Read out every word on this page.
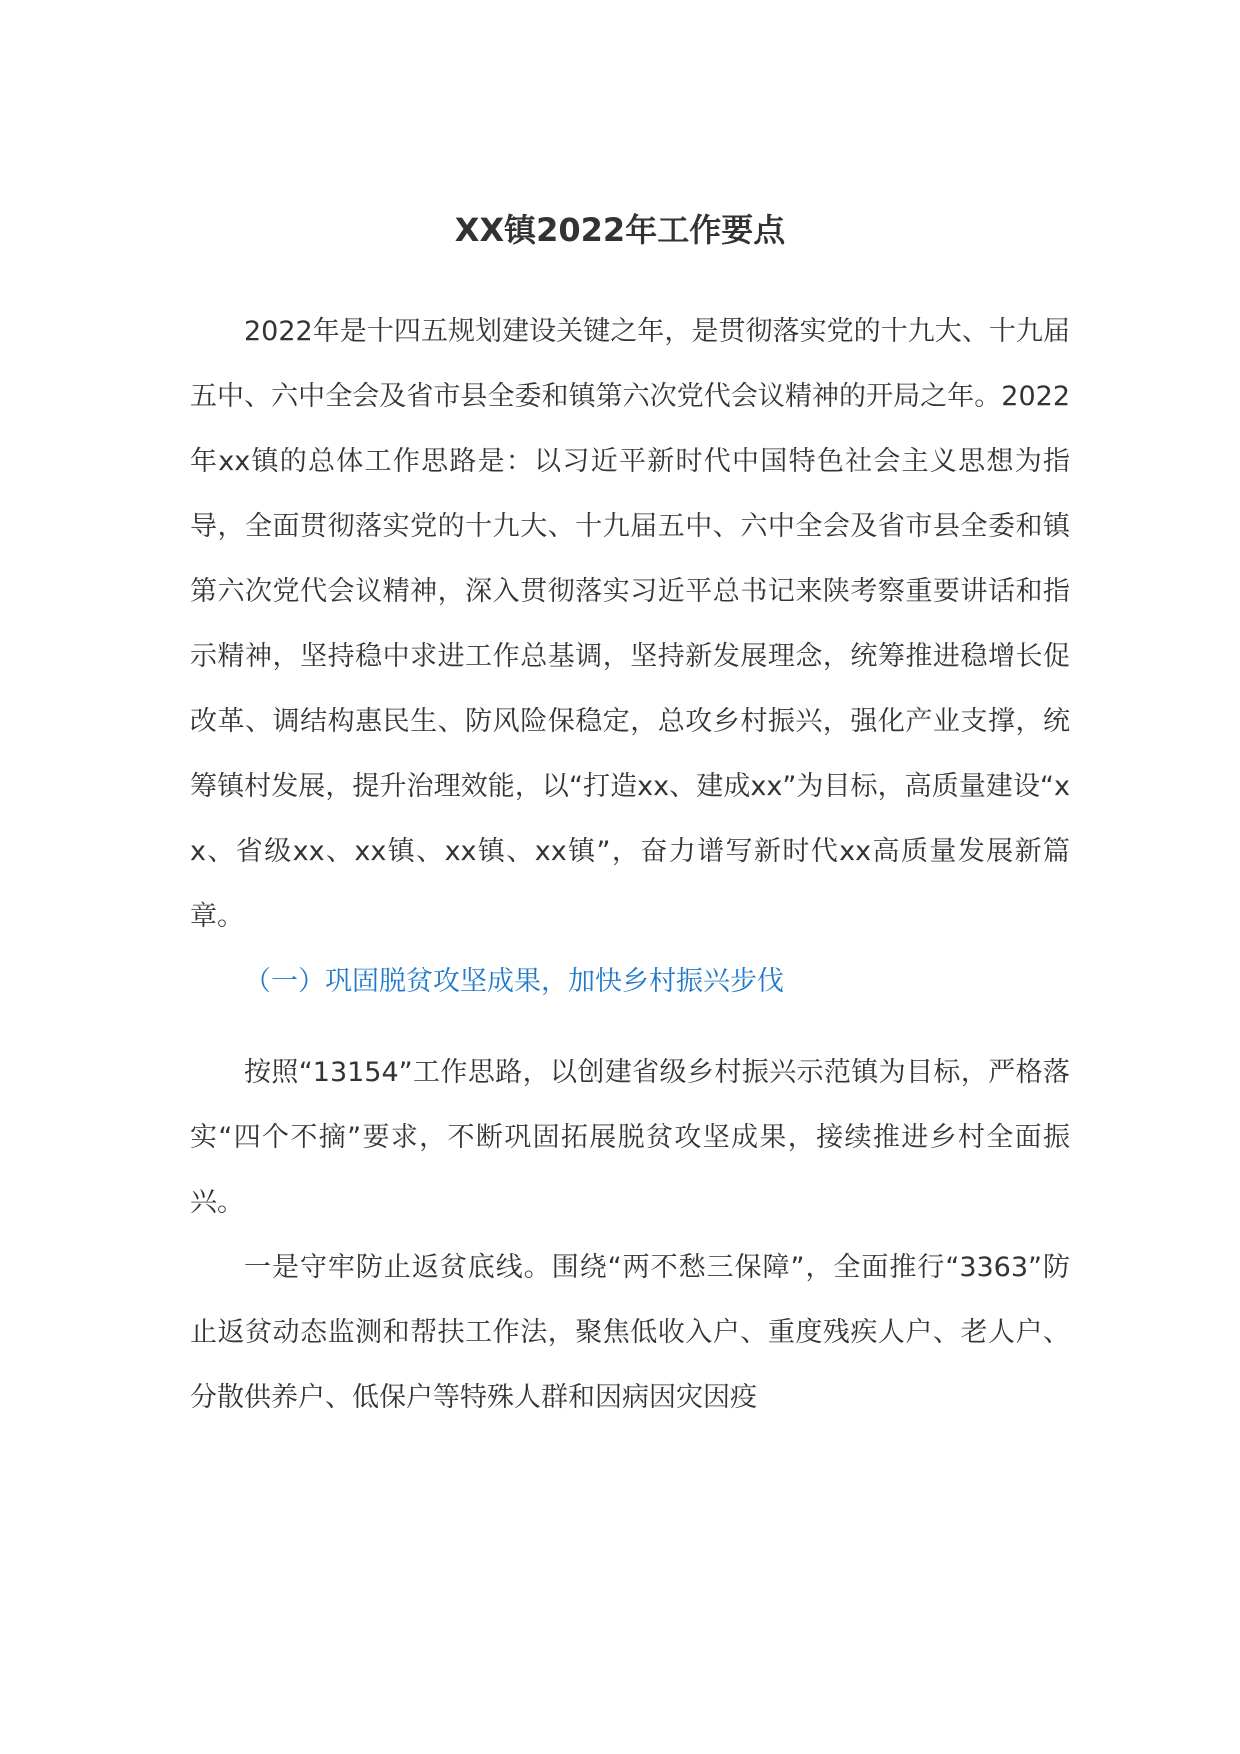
XX镇2022年工作要点

2022年是十四五规划建设关键之年，是贯彻落实党的十九大、十九届五中、六中全会及省市县全委和镇第六次党代会议精神的开局之年。2022年xx镇的总体工作思路是：以习近平新时代中国特色社会主义思想为指导，全面贯彻落实党的十九大、十九届五中、六中全会及省市县全委和镇第六次党代会议精神，深入贯彻落实习近平总书记来陕考察重要讲话和指示精神，坚持稳中求进工作总基调，坚持新发展理念，统筹推进稳增长促改革、调结构惠民生、防风险保稳定，总攻乡村振兴，强化产业支撑，统筹镇村发展，提升治理效能，以“打造xx、建成xx”为目标，高质量建设“xx、省级xx、xx镇、xx镇、xx镇”，奋力谱写新时代xx高质量发展新篇章。

（一）巩固脱贫攻坚成果，加快乡村振兴步伐

按照“13154”工作思路，以创建省级乡村振兴示范镇为目标，严格落实“四个不摘”要求，不断巩固拓展脱贫攻坚成果，接续推进乡村全面振兴。

一是守牢防止返贫底线。围绕“两不愁三保障”，全面推行“3363”防止返贫动态监测和帮扶工作法，聚焦低收入户、重度残疾人户、老人户、分散供养户、低保户等特殊人群和因病因灾因疫
